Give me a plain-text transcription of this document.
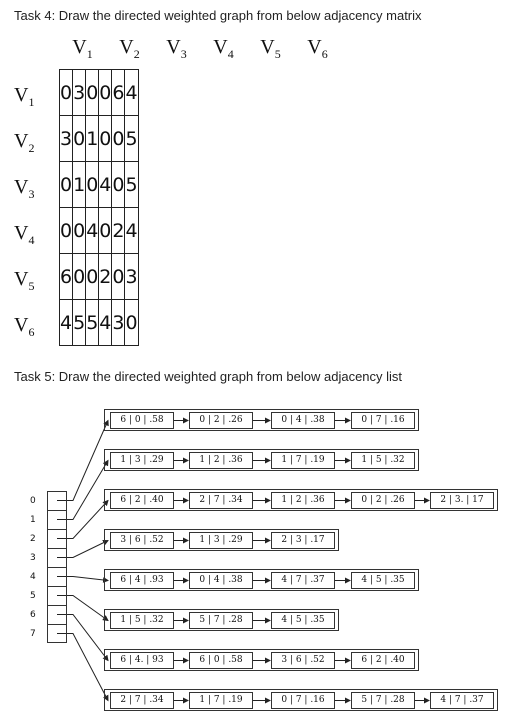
Task 4: Draw the directed weighted graph from below adjacency matrix
$V_1$	$V_2$	$V_3$	$V_4$	$V_5$	$V_6$
$V_1$
$V_2$
$V_3$
$V_4$
$V_5$
$V_6$
0	3	0	0	6	4
3	0	1	0	0	5
0	1	0	4	0	5
0	0	4	0	2	4
6	0	0	2	0	3
4	5	5	4	3	0
Task 5: Draw the directed weighted graph from below adjacency list
0
1
2
3
4
5
6
7
6 | 0 | .58	0 | 2 | .26	0 | 4 | .38	0 | 7 | .16
1 | 3 | .29	1 | 2 | .36	1 | 7 | .19	1 | 5 | .32
6 | 2 | .40	2 | 7 | .34	1 | 2 | .36	0 | 2 | .26	2 | 3. | 17
3 | 6 | .52	1 | 3 | .29	2 | 3 | .17
6 | 4 | .93	0 | 4 | .38	4 | 7 | .37	4 | 5 | .35
1 | 5 | .32	5 | 7 | .28	4 | 5 | .35
6 | 4. | 93	6 | 0 | .58	3 | 6 | .52	6 | 2 | .40
2 | 7 | .34	1 | 7 | .19	0 | 7 | .16	5 | 7 | .28	4 | 7 | .37
